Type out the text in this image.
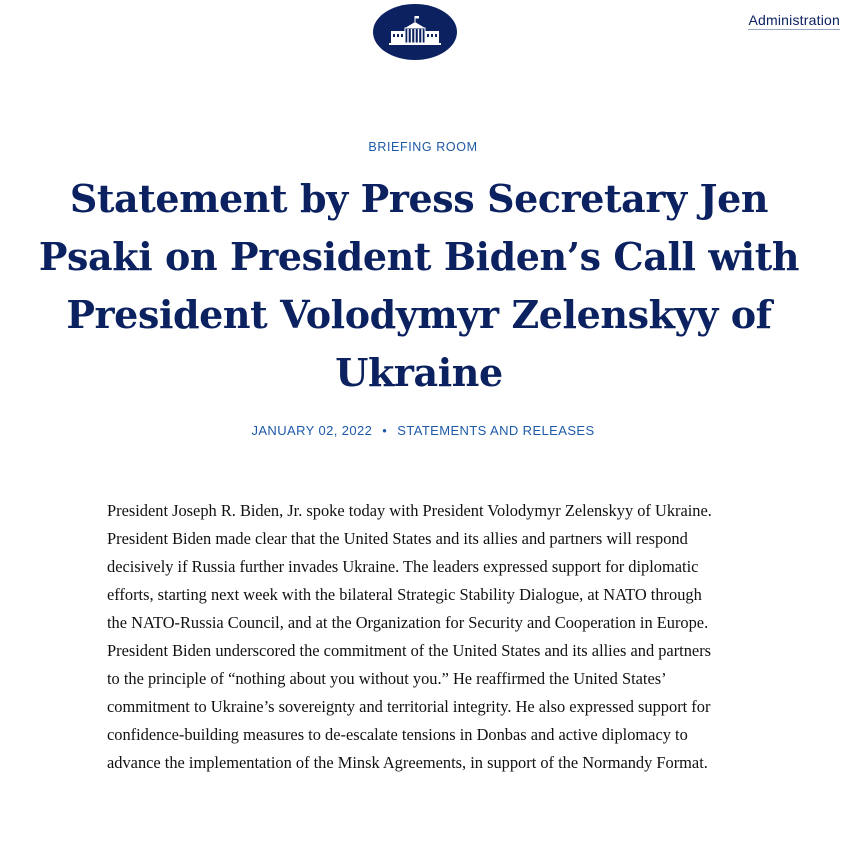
Administration
BRIEFING ROOM
Statement by Press Secretary Jen Psaki on President Biden’s Call with President Volodymyr Zelenskyy of Ukraine
JANUARY 02, 2022 • STATEMENTS AND RELEASES

President Joseph R. Biden, Jr. spoke today with President Volodymyr Zelenskyy of Ukraine. President Biden made clear that the United States and its allies and partners will respond decisively if Russia further invades Ukraine. The leaders expressed support for diplomatic efforts, starting next week with the bilateral Strategic Stability Dialogue, at NATO through the NATO-Russia Council, and at the Organization for Security and Cooperation in Europe. President Biden underscored the commitment of the United States and its allies and partners to the principle of “nothing about you without you.” He reaffirmed the United States’ commitment to Ukraine’s sovereignty and territorial integrity. He also expressed support for confidence-building measures to de-escalate tensions in Donbas and active diplomacy to advance the implementation of the Minsk Agreements, in support of the Normandy Format.
